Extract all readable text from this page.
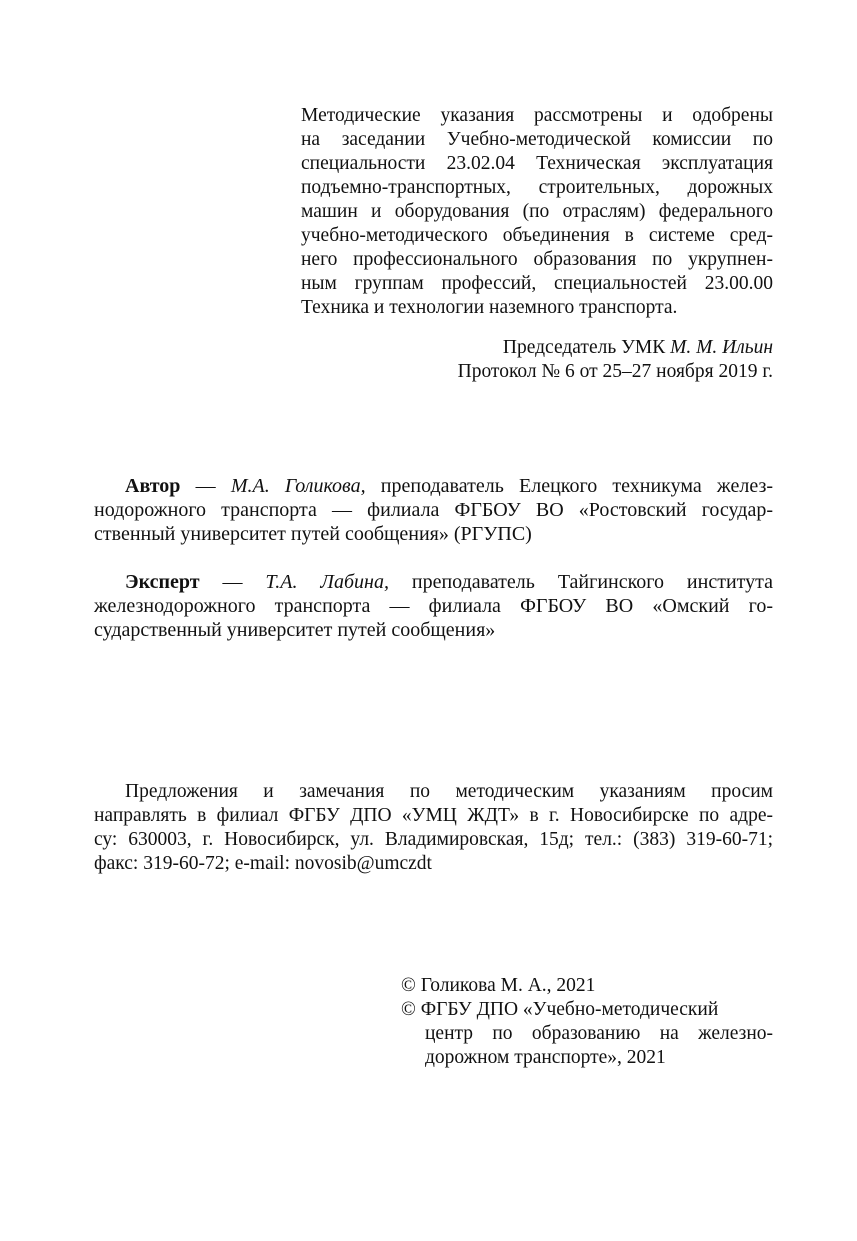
Методические указания рассмотрены и одобрены
на заседании Учебно-методической комиссии по
специальности 23.02.04 Техническая эксплуатация
подъемно-транспортных, строительных, дорожных
машин и оборудования (по отраслям) федерального
учебно-методического объединения в системе сред-
него профессионального образования по укрупнен-
ным группам профессий, специальностей 23.00.00
Техника и технологии наземного транспорта.
Председатель УМК М. М. Ильин
Протокол № 6 от 25–27 ноября 2019 г.
Автор — М.А. Голикова, преподаватель Елецкого техникума желез-
нодорожного транспорта — филиала ФГБОУ ВО «Ростовский государ-
ственный университет путей сообщения» (РГУПС)
Эксперт — Т.А. Лабина, преподаватель Тайгинского института
железнодорожного транспорта — филиала ФГБОУ ВО «Омский го-
сударственный университет путей сообщения»
Предложения и замечания по методическим указаниям просим
направлять в филиал ФГБУ ДПО «УМЦ ЖДТ» в г. Новосибирске по адре-
су: 630003, г. Новосибирск, ул. Владимировская, 15д; тел.: (383) 319-60-71;
факс: 319-60-72; e-mail: novosib@umczdt
© Голикова М. А., 2021
© ФГБУ ДПО «Учебно-методический
центр по образованию на железно-
дорожном транспорте», 2021
